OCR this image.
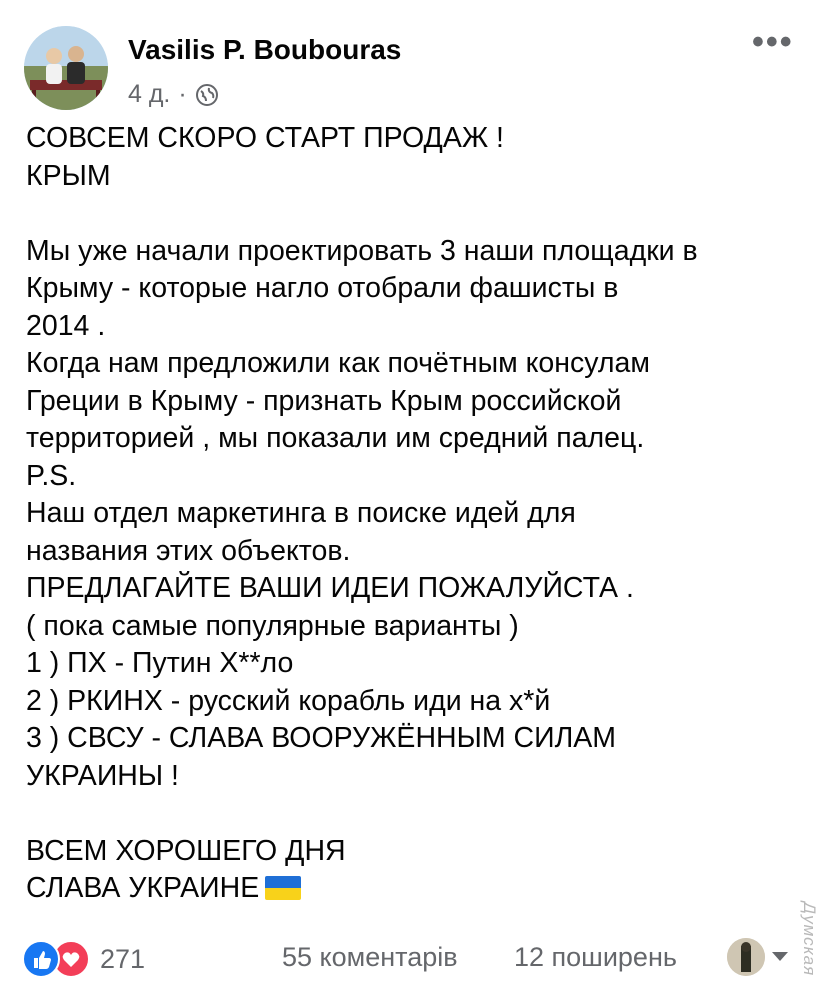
Vasilis P. Boubouras
4 д. ·
•••
СОВСЕМ СКОРО СТАРТ ПРОДАЖ !
КРЫМ
Мы уже начали проектировать 3 наши площадки в
Крыму - которые нагло отобрали фашисты в
2014 .
Когда нам предложили как почётным консулам
Греции в Крыму - признать Крым российской
территорией , мы показали им средний палец.
P.S.
Наш отдел маркетинга в поиске идей для
названия этих объектов.
ПРЕДЛАГАЙТЕ ВАШИ ИДЕИ ПОЖАЛУЙСТА .
( пока самые популярные варианты )
1 ) ПХ - Путин Х**ло
2 ) РКИНХ - русский корабль иди на х*й
3 ) СВСУ - СЛАВА ВООРУЖЁННЫМ СИЛАМ
УКРАИНЫ !
ВСЕМ ХОРОШЕГО ДНЯ
СЛАВА УКРАИНЕ
271	55 коментарів 12 поширень	Думская
